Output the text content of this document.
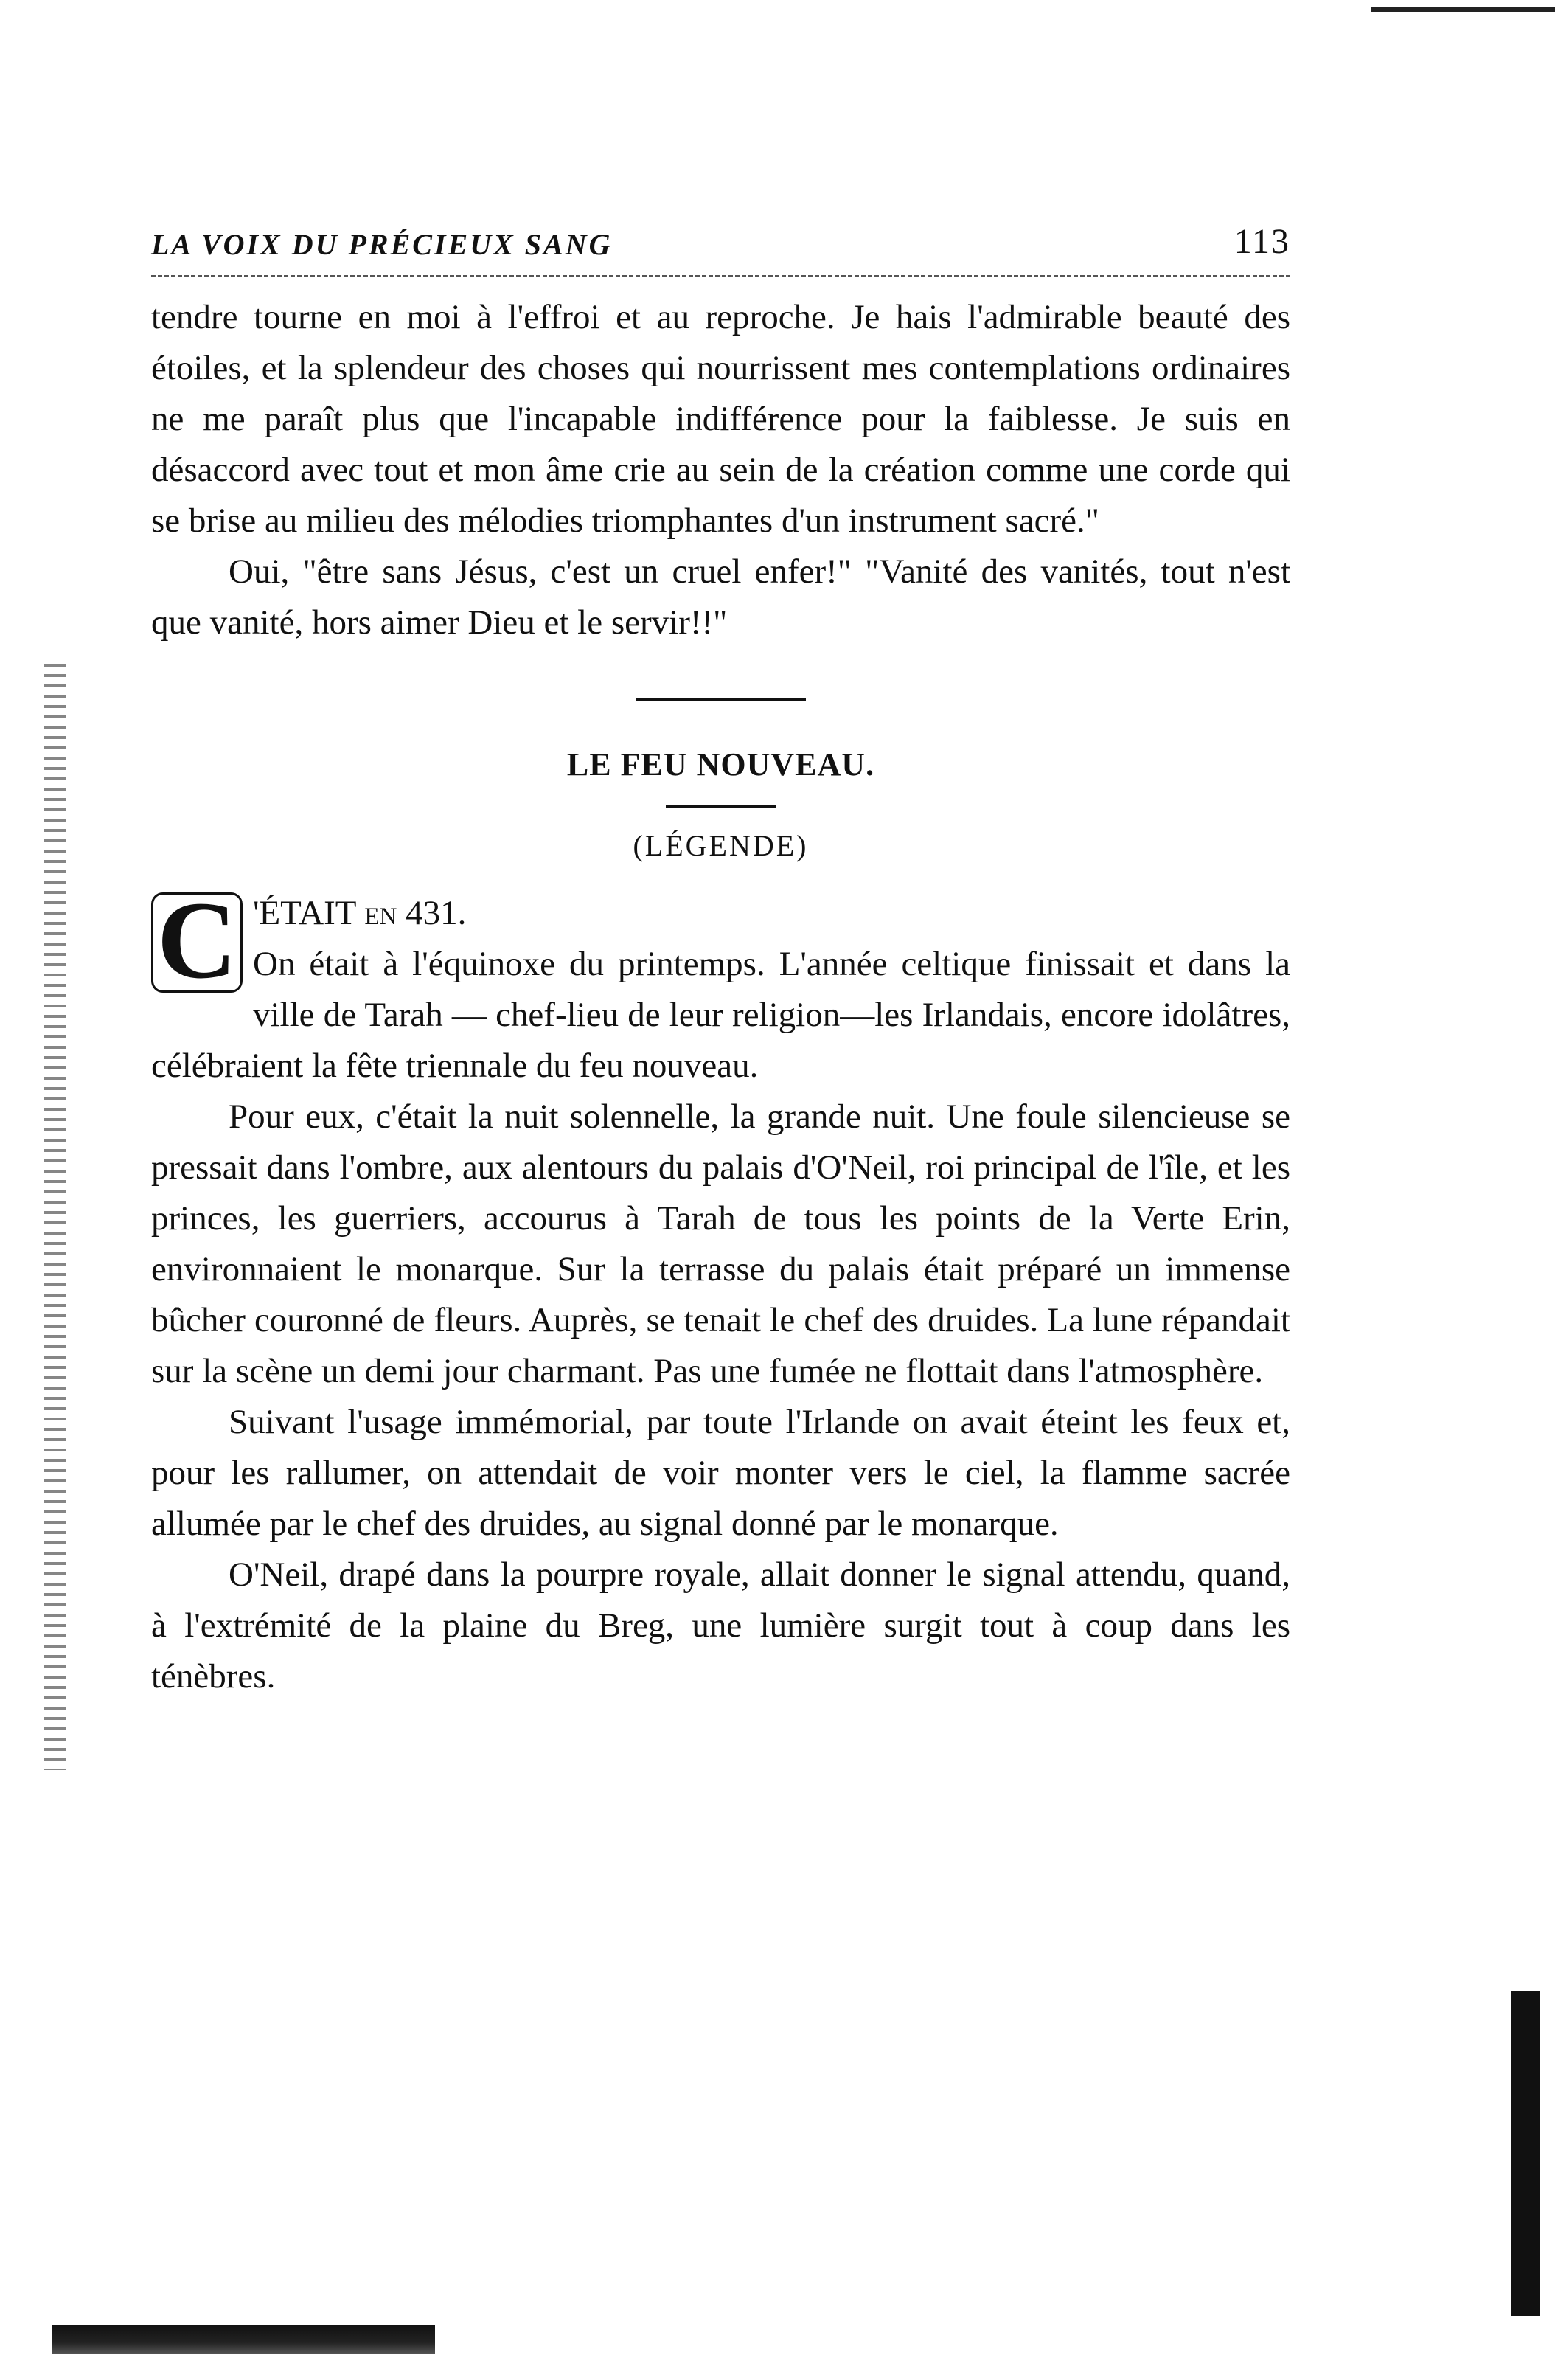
LA VOIX DU PRÉCIEUX SANG	113

tendre tourne en moi à l'effroi et au reproche. Je hais l'admirable beauté des étoiles, et la splendeur des choses qui nourrissent mes contemplations ordinaires ne me paraît plus que l'incapable indifférence pour la faiblesse. Je suis en désaccord avec tout et mon âme crie au sein de la création comme une corde qui se brise au milieu des mélodies triomphantes d'un instrument sacré."

Oui, "être sans Jésus, c'est un cruel enfer!" "Vanité des vanités, tout n'est que vanité, hors aimer Dieu et le servir!!"

LE FEU NOUVEAU.
(LÉGENDE)

C 'ÉTAIT en 431.
On était à l'équinoxe du printemps. L'année celtique finissait et dans la ville de Tarah — chef-lieu de leur religion—les Irlandais, encore idolâtres, célébraient la fête triennale du feu nouveau.

Pour eux, c'était la nuit solennelle, la grande nuit. Une foule silencieuse se pressait dans l'ombre, aux alentours du palais d'O'Neil, roi principal de l'île, et les princes, les guerriers, accourus à Tarah de tous les points de la Verte Erin, environnaient le monarque. Sur la terrasse du palais était préparé un immense bûcher couronné de fleurs. Auprès, se tenait le chef des druides. La lune répandait sur la scène un demi jour charmant. Pas une fumée ne flottait dans l'atmosphère.

Suivant l'usage immémorial, par toute l'Irlande on avait éteint les feux et, pour les rallumer, on attendait de voir monter vers le ciel, la flamme sacrée allumée par le chef des druides, au signal donné par le monarque.

O'Neil, drapé dans la pourpre royale, allait donner le signal attendu, quand, à l'extrémité de la plaine du Breg, une lumière surgit tout à coup dans les ténèbres.
